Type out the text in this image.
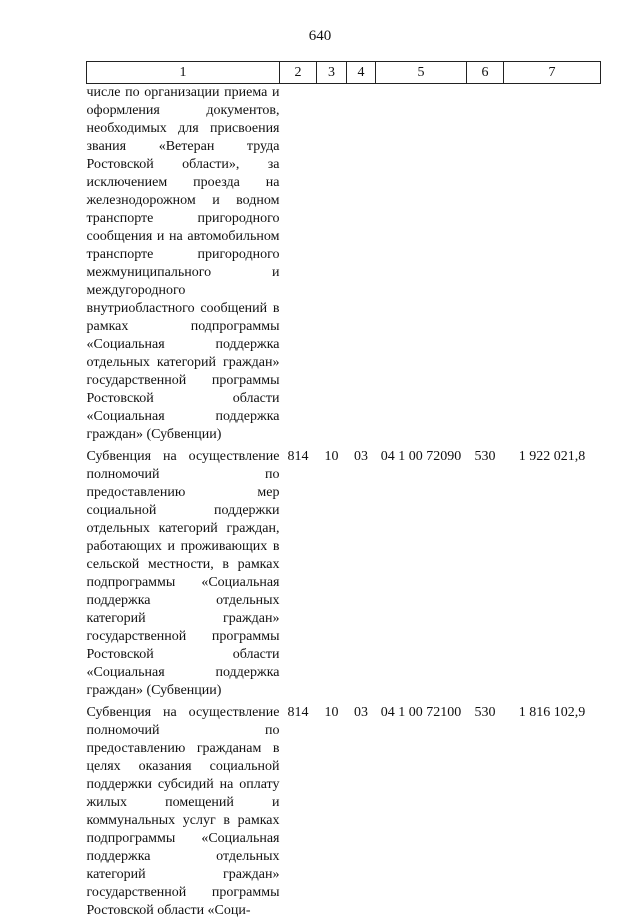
640
1	2	3	4	5	6	7
числе по организации приема и оформления документов, необходимых для присвоения звания «Ветеран труда Ростовской области», за исключением проезда на железнодорожном и водном транспорте пригородного сообщения и на автомобильном транспорте пригородного межмуниципального и междугородного внутриобластного сообщений в рамках подпрограммы «Социальная поддержка отдельных категорий граждан» государственной программы Ростовской области «Социальная поддержка граждан» (Субвенции)						

Субвенция на осуществление полномочий по предоставлению мер социальной поддержки отдельных категорий граждан, работающих и проживающих в сельской местности, в рамках подпрограммы «Социальная поддержка отдельных категорий граждан» государственной программы Ростовской области «Социальная поддержка граждан» (Субвенции)	814	10	03	04 1 00 72090	530	1 922 021,8

Субвенция на осуществление полномочий по предоставлению гражданам в целях оказания социальной поддержки субсидий на оплату жилых помещений и коммунальных услуг в рамках подпрограммы «Социальная поддержка отдельных категорий граждан» государственной программы Ростовской области «Соци-	814	10	03	04 1 00 72100	530	1 816 102,9
